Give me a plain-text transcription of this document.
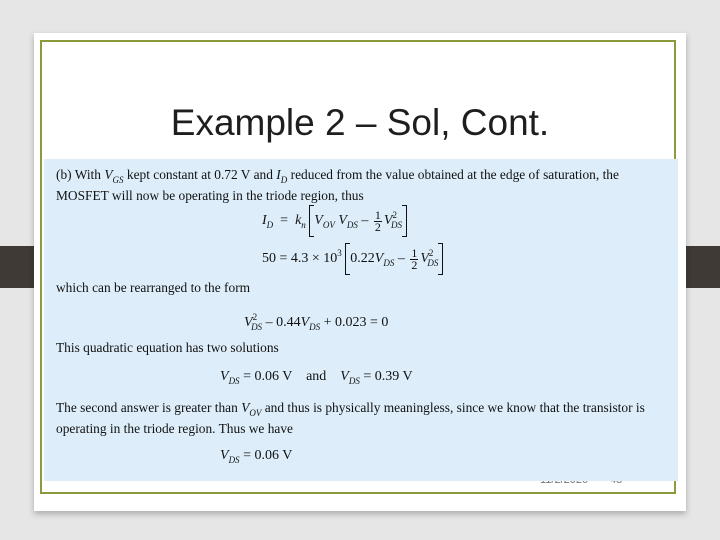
Example 2 – Sol, Cont.

(b) With $V_{GS}$ kept constant at 0.72 V and $I_D$ reduced from the value obtained at the edge of saturation, the MOSFET will now be operating in the triode region, thus

$I_D = k_n$ $V_{OV}$ $V_{DS} - \frac{1}{2} V^2_{DS}$
$50 = 4.3 \times 10^3$ $0.22V_{DS} - \frac{1}{2} V^2_{DS}$

which can be rearranged to the form

$V^2_{DS} - 0.44V_{DS} + 0.023 = 0$

This quadratic equation has two solutions

$V_{DS} = 0.06$ V and $V_{DS} = 0.39$ V

The second answer is greater than $V_{OV}$ and thus is physically meaningless, since we know that the transistor is operating in the triode region. Thus we have

$V_{DS} = 0.06$ V
